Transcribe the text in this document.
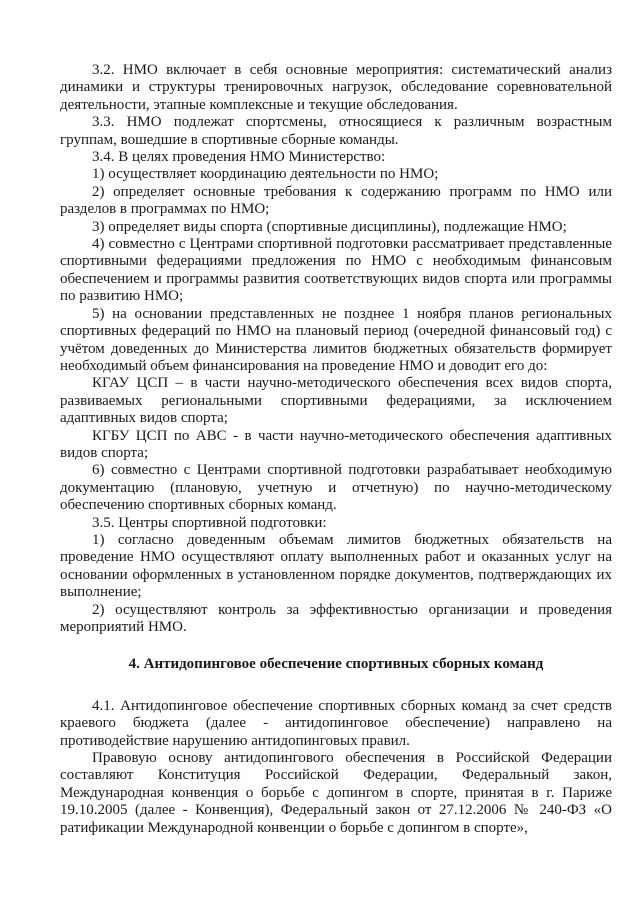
3.2. НМО включает в себя основные мероприятия: систематический анализ динамики и структуры тренировочных нагрузок, обследование соревновательной деятельности, этапные комплексные и текущие обследования.

3.3. НМО подлежат спортсмены, относящиеся к различным возрастным группам, вошедшие в спортивные сборные команды.

3.4. В целях проведения НМО Министерство:

1) осуществляет координацию деятельности по НМО;

2) определяет основные требования к содержанию программ по НМО или разделов в программах по НМО;

3) определяет виды спорта (спортивные дисциплины), подлежащие НМО;

4) совместно с Центрами спортивной подготовки рассматривает представленные спортивными федерациями предложения по НМО с необходимым финансовым обеспечением и программы развития соответствующих видов спорта или программы по развитию НМО;

5) на основании представленных не позднее 1 ноября планов региональных спортивных федераций по НМО на плановый период (очередной финансовый год) с учётом доведенных до Министерства лимитов бюджетных обязательств формирует необходимый объем финансирования на проведение НМО и доводит его до:

КГАУ ЦСП – в части научно-методического обеспечения всех видов спорта, развиваемых региональными спортивными федерациями, за исключением адаптивных видов спорта;

КГБУ ЦСП по АВС - в части научно-методического обеспечения адаптивных видов спорта;

6) совместно с Центрами спортивной подготовки разрабатывает необходимую документацию (плановую, учетную и отчетную) по научно-методическому обеспечению спортивных сборных команд.

3.5. Центры спортивной подготовки:

1) согласно доведенным объемам лимитов бюджетных обязательств на проведение НМО осуществляют оплату выполненных работ и оказанных услуг на основании оформленных в установленном порядке документов, подтверждающих их выполнение;

2) осуществляют контроль за эффективностью организации и проведения мероприятий НМО.

4. Антидопинговое обеспечение спортивных сборных команд

4.1. Антидопинговое обеспечение спортивных сборных команд за счет средств краевого бюджета (далее - антидопинговое обеспечение) направлено на противодействие нарушению антидопинговых правил.

Правовую основу антидопингового обеспечения в Российской Федерации составляют Конституция Российской Федерации, Федеральный закон, Международная конвенция о борьбе с допингом в спорте, принятая в г. Париже 19.10.2005 (далее - Конвенция), Федеральный закон от 27.12.2006 № 240-ФЗ «О ратификации Международной конвенции о борьбе с допингом в спорте»,
